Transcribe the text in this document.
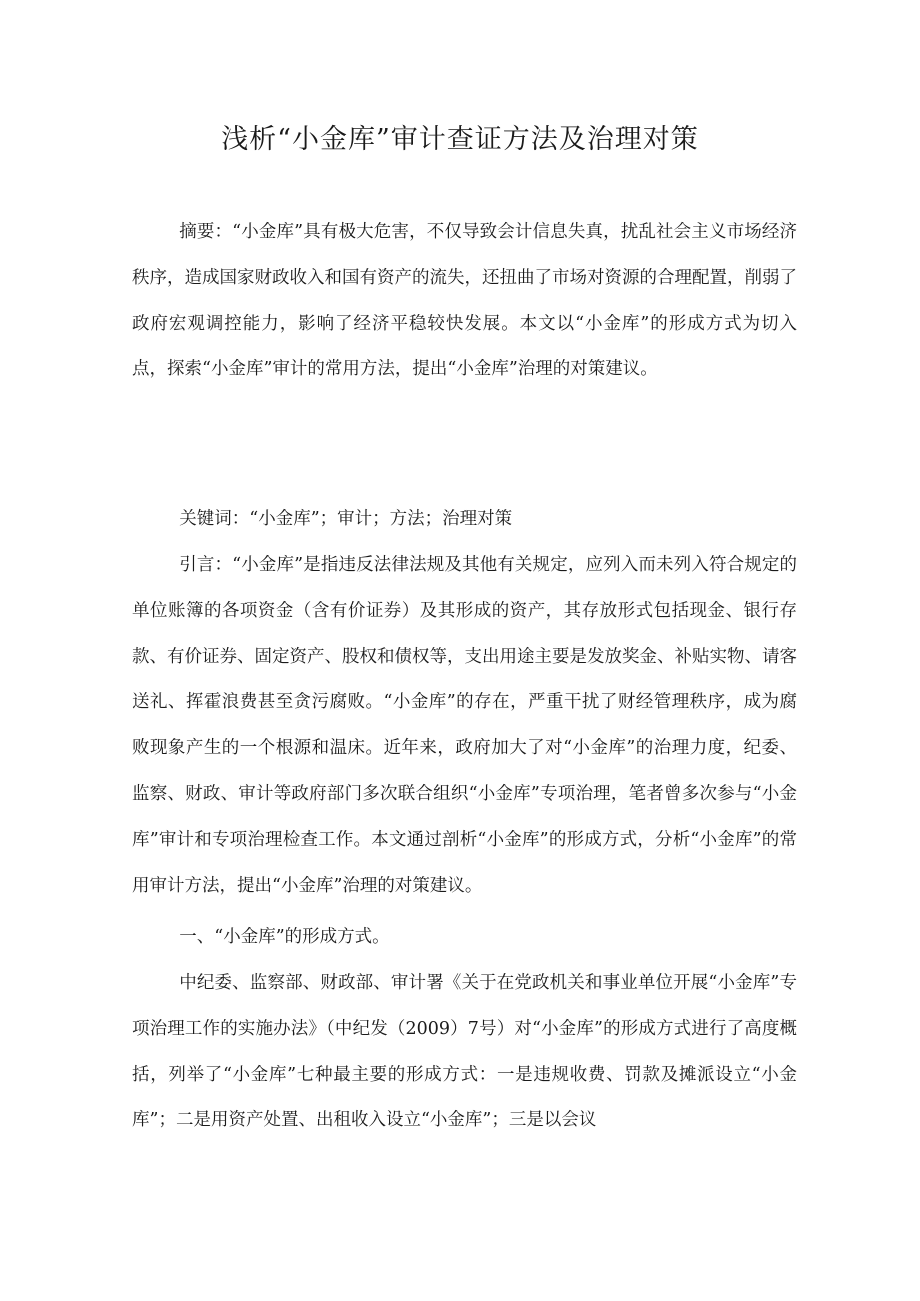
浅析“小金库”审计查证方法及治理对策

摘要：“小金库”具有极大危害，不仅导致会计信息失真，扰乱社会主义市场经济秩序，造成国家财政收入和国有资产的流失，还扭曲了市场对资源的合理配置，削弱了政府宏观调控能力，影响了经济平稳较快发展。本文以“小金库”的形成方式为切入点，探索“小金库”审计的常用方法，提出“小金库”治理的对策建议。

关键词：“小金库”；审计；方法；治理对策

引言：“小金库”是指违反法律法规及其他有关规定，应列入而未列入符合规定的单位账簿的各项资金（含有价证券）及其形成的资产，其存放形式包括现金、银行存款、有价证券、固定资产、股权和债权等，支出用途主要是发放奖金、补贴实物、请客送礼、挥霍浪费甚至贪污腐败。“小金库”的存在，严重干扰了财经管理秩序，成为腐败现象产生的一个根源和温床。近年来，政府加大了对“小金库”的治理力度，纪委、监察、财政、审计等政府部门多次联合组织“小金库”专项治理，笔者曾多次参与“小金库”审计和专项治理检查工作。本文通过剖析“小金库”的形成方式，分析“小金库”的常用审计方法，提出“小金库”治理的对策建议。

一、“小金库”的形成方式。

中纪委、监察部、财政部、审计署《关于在党政机关和事业单位开展“小金库”专项治理工作的实施办法》（中纪发（2009）7号）对“小金库”的形成方式进行了高度概括，列举了“小金库”七种最主要的形成方式：一是违规收费、罚款及摊派设立“小金库”；二是用资产处置、出租收入设立“小金库”；三是以会议
